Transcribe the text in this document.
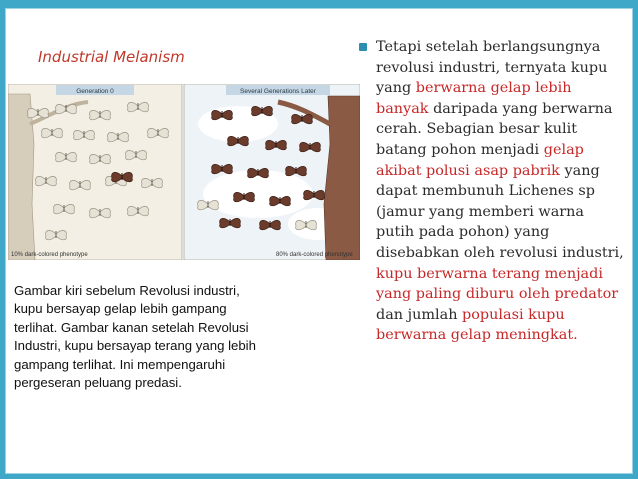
Industrial Melanism
Generation 0
10% dark-colored phenotype
Several Generations Later
80% dark-colored phenotype

Gambar kiri sebelum Revolusi industri,

kupu bersayap gelap lebih gampang

terlihat. Gambar kanan setelah Revolusi

Industri, kupu bersayap terang yang lebih

gampang terlihat. Ini mempengaruhi

pergeseran peluang predasi.

Tetapi setelah berlangsungnya revolusi industri, ternyata kupu yang berwarna gelap lebih banyak daripada yang berwarna cerah. Sebagian besar kulit batang pohon menjadi gelap akibat polusi asap pabrik yang dapat membunuh Lichenes sp (jamur yang memberi warna putih pada pohon) yang disebabkan oleh revolusi industri, kupu berwarna terang menjadi yang paling diburu oleh predator dan jumlah populasi kupu berwarna gelap meningkat.
